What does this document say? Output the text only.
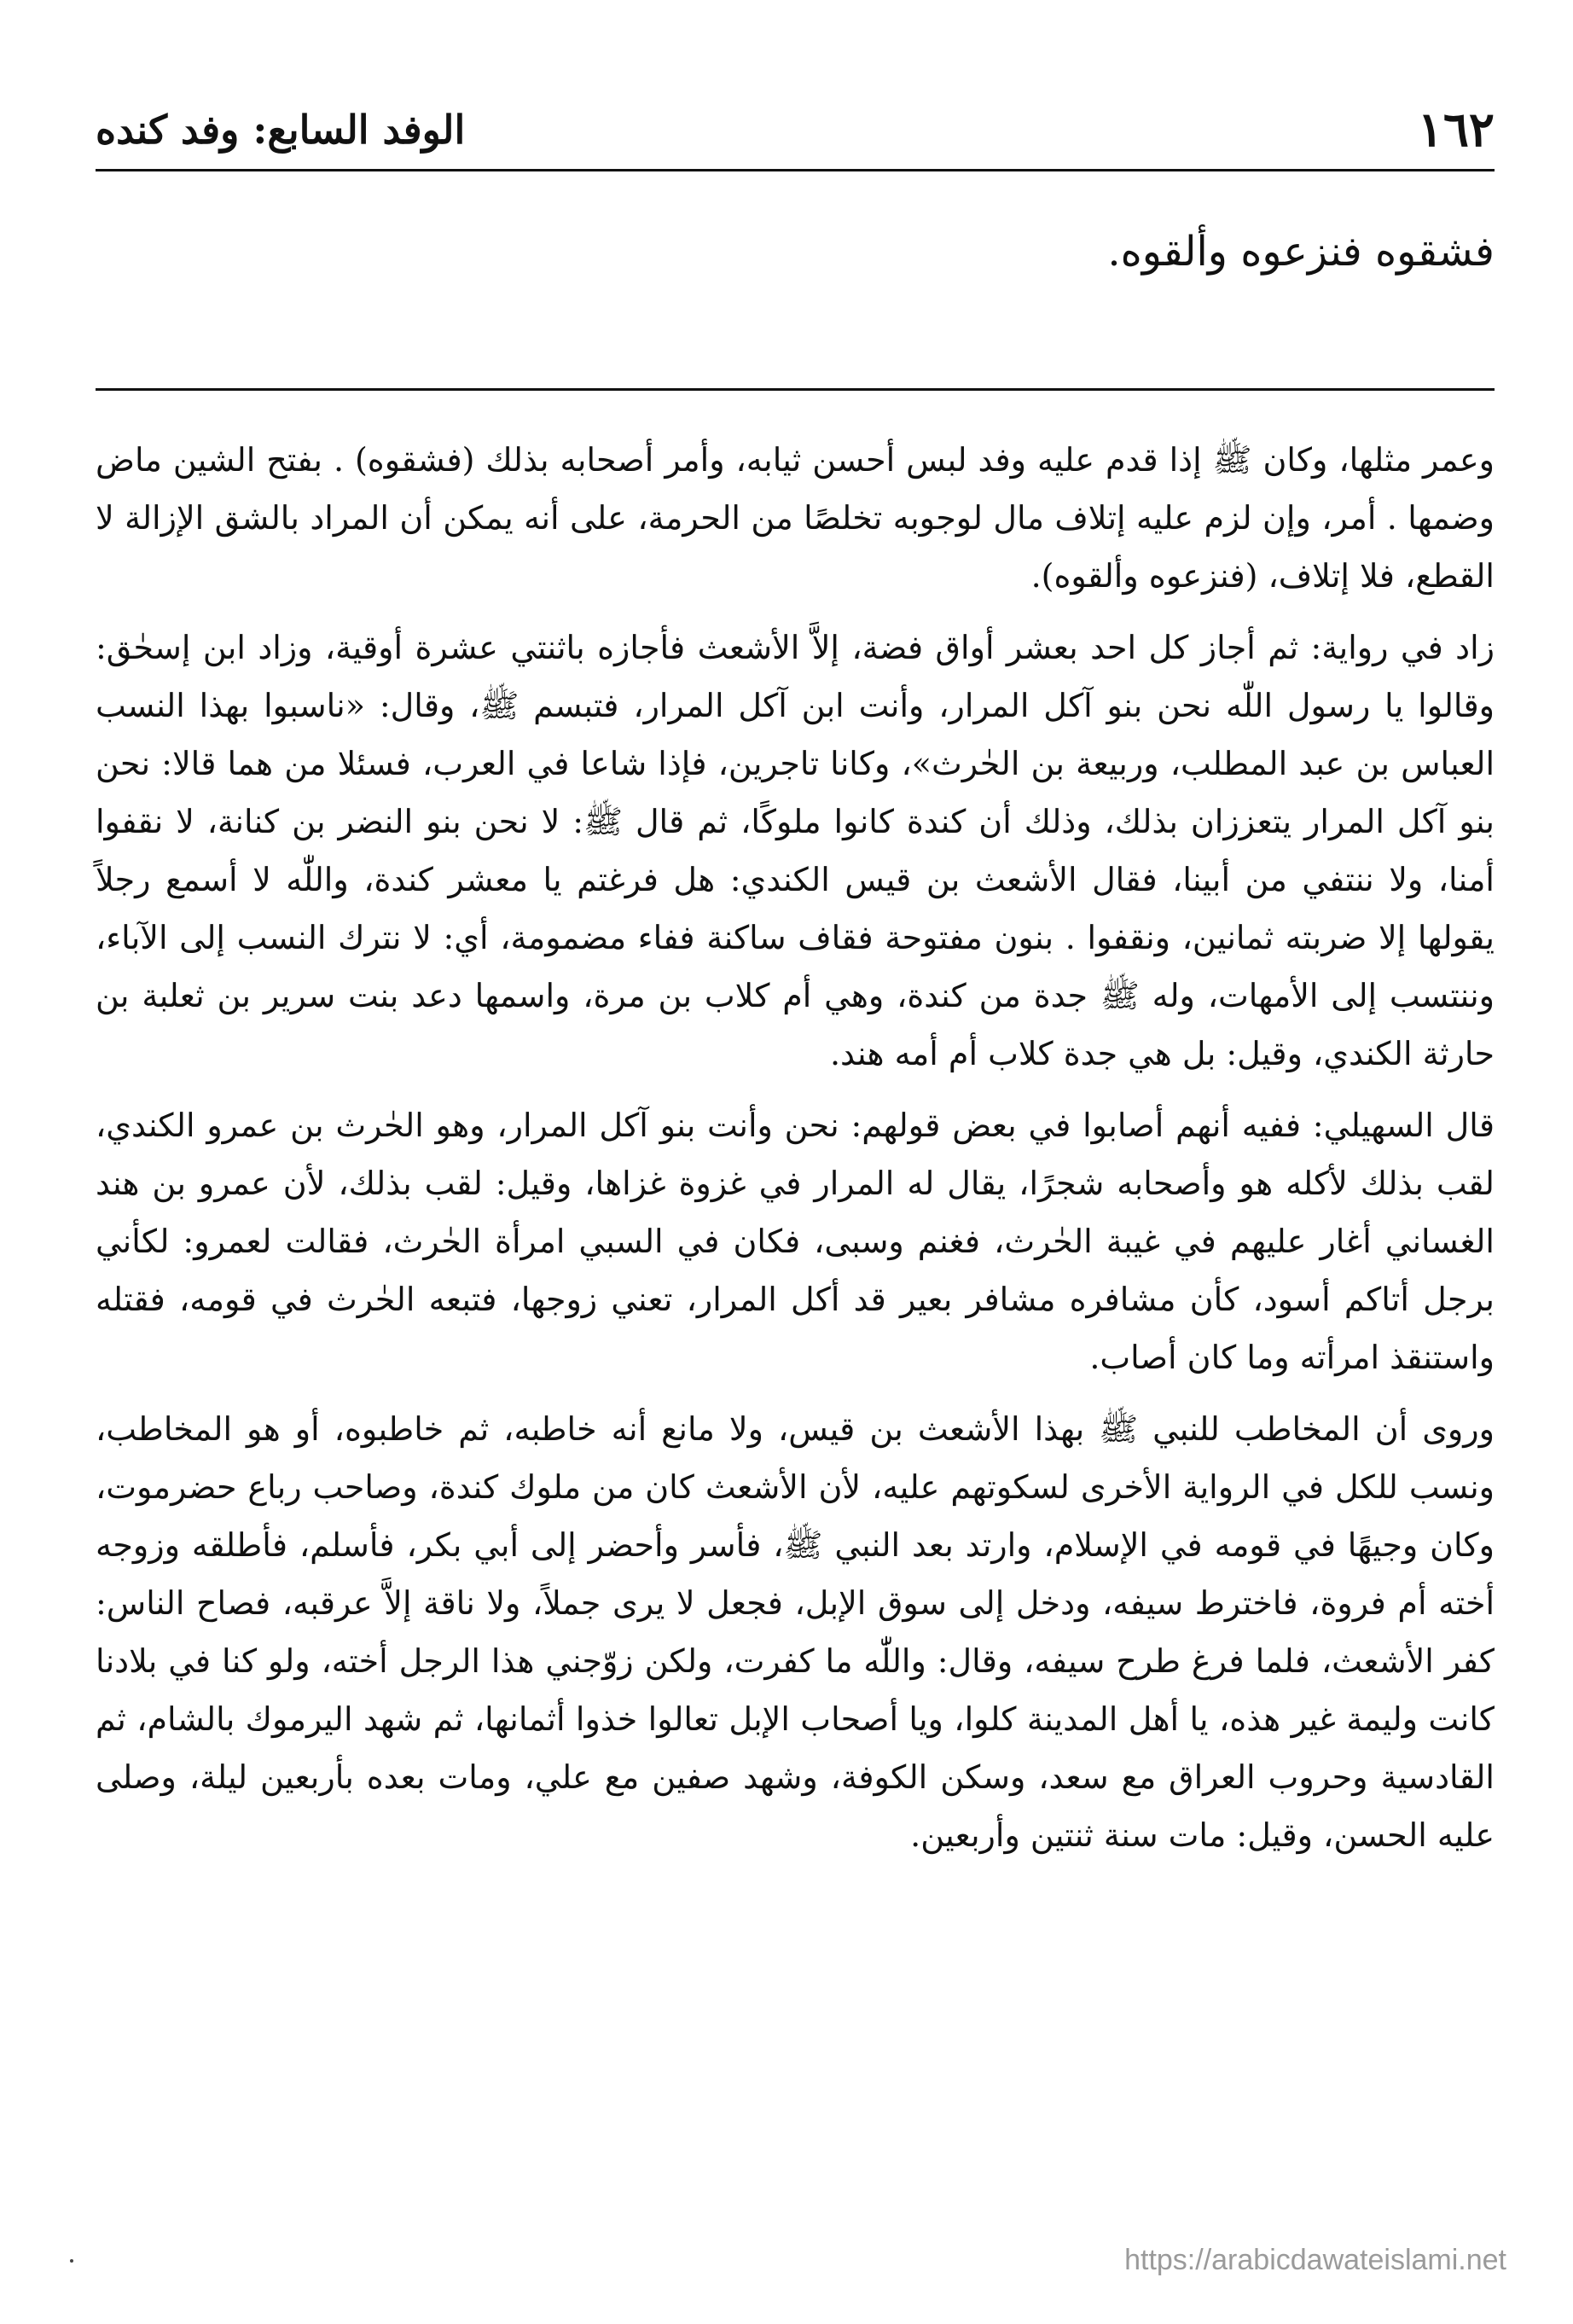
١٦٢
الوفد السابع: وفد كنده
فشقوه فنزعوه وألقوه.

وعمر مثلها، وكان ﷺ إذا قدم عليه وفد لبس أحسن ثيابه، وأمر أصحابه بذلك (فشقوه) . بفتح الشين ماض وضمها . أمر، وإن لزم عليه إتلاف مال لوجوبه تخلصًا من الحرمة، على أنه يمكن أن المراد بالشق الإزالة لا القطع، فلا إتلاف، (فنزعوه وألقوه).

زاد في رواية: ثم أجاز كل احد بعشر أواق فضة، إلاَّ الأشعث فأجازه باثنتي عشرة أوقية، وزاد ابن إسحٰق: وقالوا يا رسول اللّٰه نحن بنو آكل المرار، وأنت ابن آكل المرار، فتبسم ﷺ، وقال: «ناسبوا بهذا النسب العباس بن عبد المطلب، وربيعة بن الحٰرث»، وكانا تاجرين، فإذا شاعا في العرب، فسئلا من هما قالا: نحن بنو آكل المرار يتعززان بذلك، وذلك أن كندة كانوا ملوكًا، ثم قال ﷺ: لا نحن بنو النضر بن كنانة، لا نقفوا أمنا، ولا ننتفي من أبينا، فقال الأشعث بن قيس الكندي: هل فرغتم يا معشر كندة، واللّٰه لا أسمع رجلاً يقولها إلا ضربته ثمانين، ونقفوا . بنون مفتوحة فقاف ساكنة ففاء مضمومة، أي: لا نترك النسب إلى الآباء، وننتسب إلى الأمهات، وله ﷺ جدة من كندة، وهي أم كلاب بن مرة، واسمها دعد بنت سرير بن ثعلبة بن حارثة الكندي، وقيل: بل هي جدة كلاب أم أمه هند.

قال السهيلي: ففيه أنهم أصابوا في بعض قولهم: نحن وأنت بنو آكل المرار، وهو الحٰرث بن عمرو الكندي، لقب بذلك لأكله هو وأصحابه شجرًا، يقال له المرار في غزوة غزاها، وقيل: لقب بذلك، لأن عمرو بن هند الغساني أغار عليهم في غيبة الحٰرث، فغنم وسبى، فكان في السبي امرأة الحٰرث، فقالت لعمرو: لكأني برجل أتاكم أسود، كأن مشافره مشافر بعير قد أكل المرار، تعني زوجها، فتبعه الحٰرث في قومه، فقتله واستنقذ امرأته وما كان أصاب.

وروى أن المخاطب للنبي ﷺ بهذا الأشعث بن قيس، ولا مانع أنه خاطبه، ثم خاطبوه، أو هو المخاطب، ونسب للكل في الرواية الأخرى لسكوتهم عليه، لأن الأشعث كان من ملوك كندة، وصاحب رباع حضرموت، وكان وجيهًا في قومه في الإسلام، وارتد بعد النبي ﷺ، فأسر وأحضر إلى أبي بكر، فأسلم، فأطلقه وزوجه أخته أم فروة، فاخترط سيفه، ودخل إلى سوق الإبل، فجعل لا يرى جملاً، ولا ناقة إلاَّ عرقبه، فصاح الناس: كفر الأشعث، فلما فرغ طرح سيفه، وقال: واللّٰه ما كفرت، ولكن زوّجني هذا الرجل أخته، ولو كنا في بلادنا كانت وليمة غير هذه، يا أهل المدينة كلوا، ويا أصحاب الإبل تعالوا خذوا أثمانها، ثم شهد اليرموك بالشام، ثم القادسية وحروب العراق مع سعد، وسكن الكوفة، وشهد صفين مع علي، ومات بعده بأربعين ليلة، وصلى عليه الحسن، وقيل: مات سنة ثنتين وأربعين.

https://arabicdawateislami.net
